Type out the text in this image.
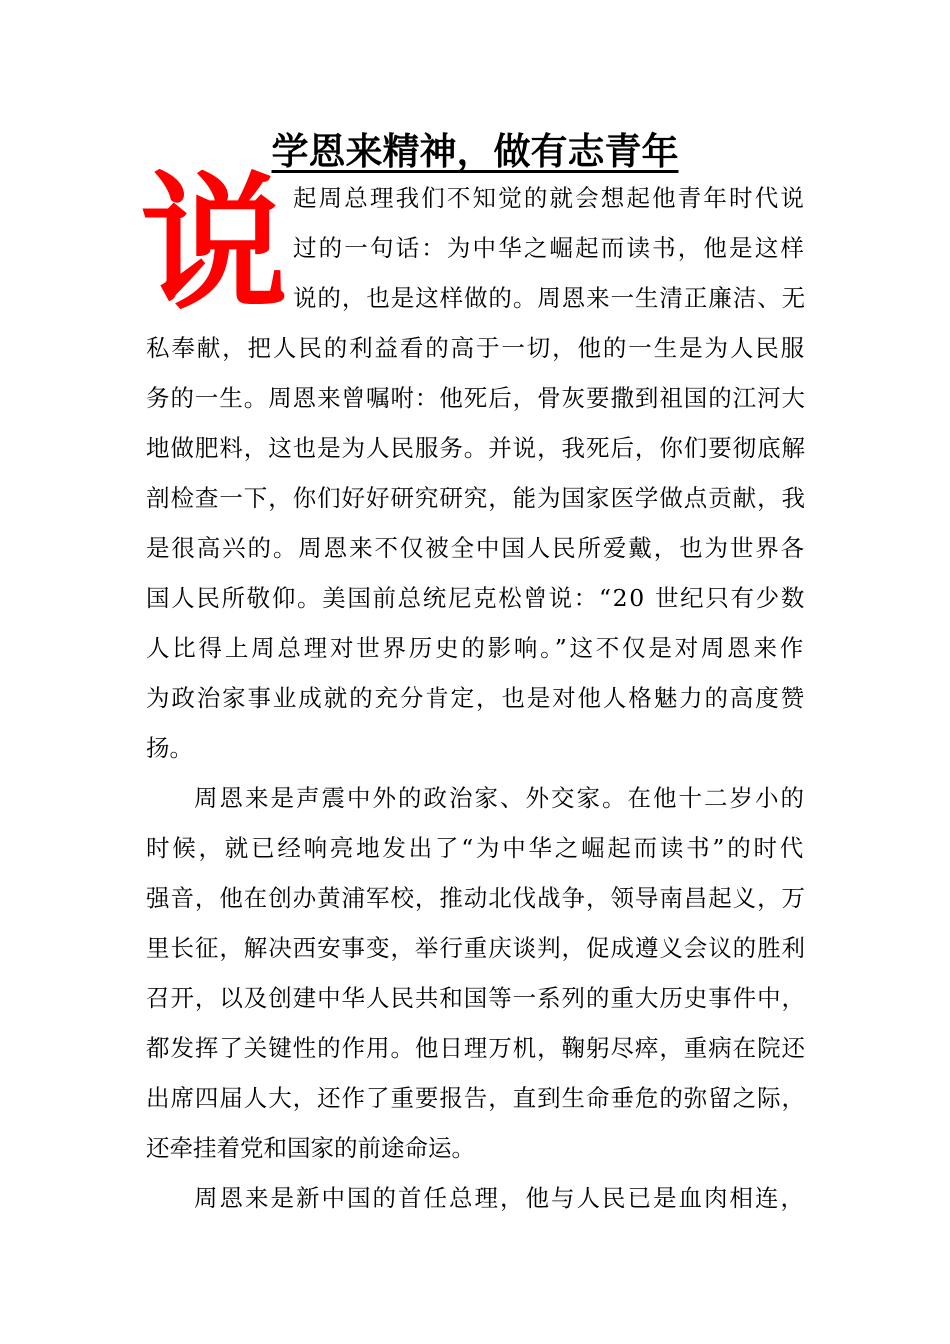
学恩来精神，做有志青年
说 起周总理我们不知觉的就会想起他青年时代说
过的一句话：为中华之崛起而读书，他是这样
说的，也是这样做的。周恩来一生清正廉洁、无
私奉献，把人民的利益看的高于一切，他的一生是为人民服
务的一生。周恩来曾嘱咐：他死后，骨灰要撒到祖国的江河大
地做肥料，这也是为人民服务。并说，我死后，你们要彻底解
剖检查一下，你们好好研究研究，能为国家医学做点贡献，我
是很高兴的。周恩来不仅被全中国人民所爱戴，也为世界各
国人民所敬仰。美国前总统尼克松曾说：“20 世纪只有少数
人比得上周总理对世界历史的影响。”这不仅是对周恩来作
为政治家事业成就的充分肯定，也是对他人格魅力的高度赞
扬。
周恩来是声震中外的政治家、外交家。在他十二岁小的
时候，就已经响亮地发出了“为中华之崛起而读书”的时代
强音，他在创办黄浦军校，推动北伐战争，领导南昌起义，万
里长征，解决西安事变，举行重庆谈判，促成遵义会议的胜利
召开，以及创建中华人民共和国等一系列的重大历史事件中，
都发挥了关键性的作用。他日理万机，鞠躬尽瘁，重病在院还
出席四届人大，还作了重要报告，直到生命垂危的弥留之际，
还牵挂着党和国家的前途命运。
周恩来是新中国的首任总理，他与人民已是血肉相连，
